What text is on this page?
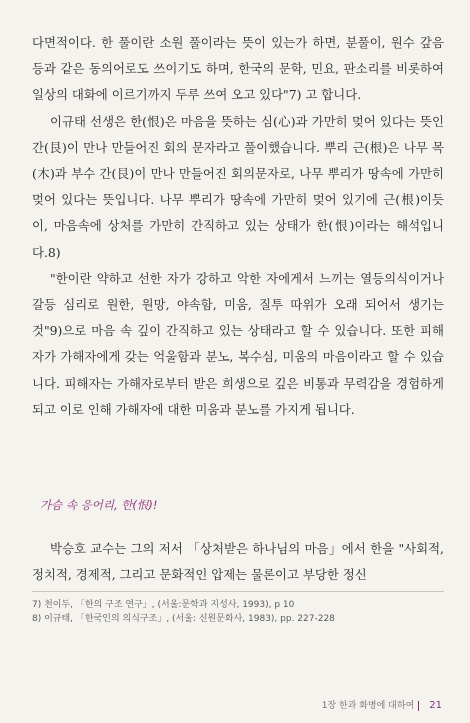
다면적이다. 한 풀이란 소원 풀이라는 뜻이 있는가 하면, 분풀이, 원수 갚음 등과 같은 동의어로도 쓰이기도 하며, 한국의 문학, 민요, 판소리를 비롯하여 일상의 대화에 이르기까지 두루 쓰여 오고 있다"7) 고 합니다.

이규태 선생은 한(恨)은 마음을 뜻하는 심(心)과 가만히 멎어 있다는 뜻인 간(艮)이 만나 만들어진 회의 문자라고 풀이했습니다. 뿌리 근(根)은 나무 목(木)과 부수 간(艮)이 만나 만들어진 회의문자로, 나무 뿌리가 땅속에 가만히 멎어 있다는 뜻입니다. 나무 뿌리가 땅속에 가만히 멎어 있기에 근(根)이듯이, 마음속에 상처를 가만히 간직하고 있는 상태가 한(恨)이라는 해석입니다.8)

"한이란 약하고 선한 자가 강하고 악한 자에게서 느끼는 열등의식이거나 갈등 심리로 원한, 원망, 야속함, 미움, 질투 따위가 오래 되어서 생기는 것"9)으로 마음 속 깊이 간직하고 있는 상태라고 할 수 있습니다. 또한 피해자가 가해자에게 갖는 억울함과 분노, 복수심, 미움의 마음이라고 할 수 있습니다. 피해자는 가해자로부터 받은 희생으로 깊은 비통과 무력감을 경험하게 되고 이로 인해 가해자에 대한 미움과 분노를 가지게 됩니다.

가슴 속 응어리, 한(恨)!

박승호 교수는 그의 저서 「상처받은 하나님의 마음」에서 한을 "사회적, 정치적, 경제적, 그리고 문화적인 압제는 물론이고 부당한 정신

7) 천이두, 「한의 구조 연구」, (서울:문학과 지성사, 1993), p 10
8) 이규태, 「한국인의 의식구조」, (서울: 신원문화사, 1983), pp. 227-228
1장 한과 화병에 대하여 21
